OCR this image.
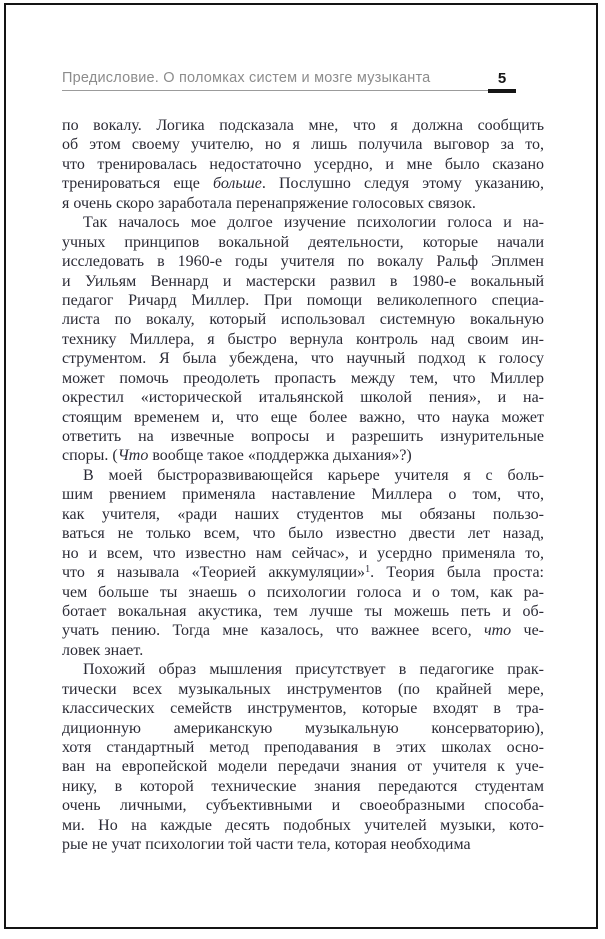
Предисловие. О поломках систем и мозге музыканта	5
по вокалу. Логика подсказала мне, что я должна сообщить
об этом своему учителю, но я лишь получила выговор за то,
что тренировалась недостаточно усердно, и мне было сказано
тренироваться еще больше. Послушно следуя этому указанию,
я очень скоро заработала перенапряжение голосовых связок.
Так началось мое долгое изучение психологии голоса и на-
учных принципов вокальной деятельности, которые начали
исследовать в 1960-е годы учителя по вокалу Ральф Эплмен
и Уильям Веннард и мастерски развил в 1980-е вокальный
педагог Ричард Миллер. При помощи великолепного специа-
листа по вокалу, который использовал системную вокальную
технику Миллера, я быстро вернула контроль над своим ин-
струментом. Я была убеждена, что научный подход к голосу
может помочь преодолеть пропасть между тем, что Миллер
окрестил «исторической итальянской школой пения», и на-
стоящим временем и, что еще более важно, что наука может
ответить на извечные вопросы и разрешить изнурительные
споры. (Что вообще такое «поддержка дыхания»?)
В моей быстроразвивающейся карьере учителя я с боль-
шим рвением применяла наставление Миллера о том, что,
как учителя, «ради наших студентов мы обязаны пользо-
ваться не только всем, что было известно двести лет назад,
но и всем, что известно нам сейчас», и усердно применяла то,
что я называла «Теорией аккумуляции»$^1$. Теория была проста:
чем больше ты знаешь о психологии голоса и о том, как ра-
ботает вокальная акустика, тем лучше ты можешь петь и об-
учать пению. Тогда мне казалось, что важнее всего, что че-
ловек знает.
Похожий образ мышления присутствует в педагогике прак-
тически всех музыкальных инструментов (по крайней мере,
классических семейств инструментов, которые входят в тра-
диционную американскую музыкальную консерваторию),
хотя стандартный метод преподавания в этих школах осно-
ван на европейской модели передачи знания от учителя к уче-
нику, в которой технические знания передаются студентам
очень личными, субъективными и своеобразными способа-
ми. Но на каждые десять подобных учителей музыки, кото-
рые не учат психологии той части тела, которая необходима
